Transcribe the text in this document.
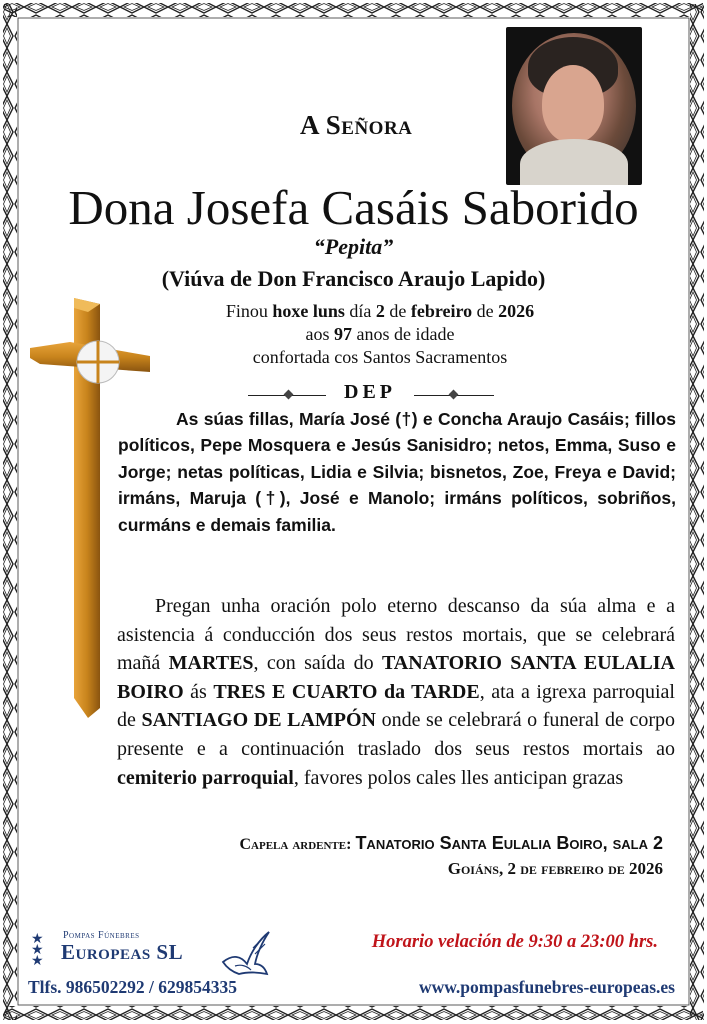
A Señora
Dona Josefa Casáis Saborido
“Pepita”
(Viúva de Don Francisco Araujo Lapido)
Finou hoxe luns día 2 de febreiro de 2026
aos 97 anos de idade
confortada cos Santos Sacramentos
DEP
As súas fillas, María José (†) e Concha Araujo Casáis; fillos políticos, Pepe Mosquera e Jesús Sanisidro; netos, Emma, Suso e Jorge; netas políticas, Lidia e Silvia; bisnetos, Zoe, Freya e David; irmáns, Maruja (†), José e Manolo; irmáns políticos, sobriños, curmáns e demais familia.
Pregan unha oración polo eterno descanso da súa alma e a asistencia á conducción dos seus restos mortais, que se celebrará mañá MARTES, con saída do TANATORIO SANTA EULALIA BOIRO ás TRES E CUARTO da TARDE, ata a igrexa parroquial de SANTIAGO DE LAMPÓN onde se celebrará o funeral de corpo presente e a continuación traslado dos seus restos mortais ao cemiterio parroquial, favores polos cales lles anticipan grazas
Capela ardente: Tanatorio Santa Eulalia Boiro, sala 2
Goiáns, 2 de febreiro de 2026
★
★
★
Pompas Fúnebres
Europeas SL	Horario velación de 9:30 a 23:00 hrs.
Tlfs. 986502292 / 629854335	www.pompasfunebres-europeas.es
